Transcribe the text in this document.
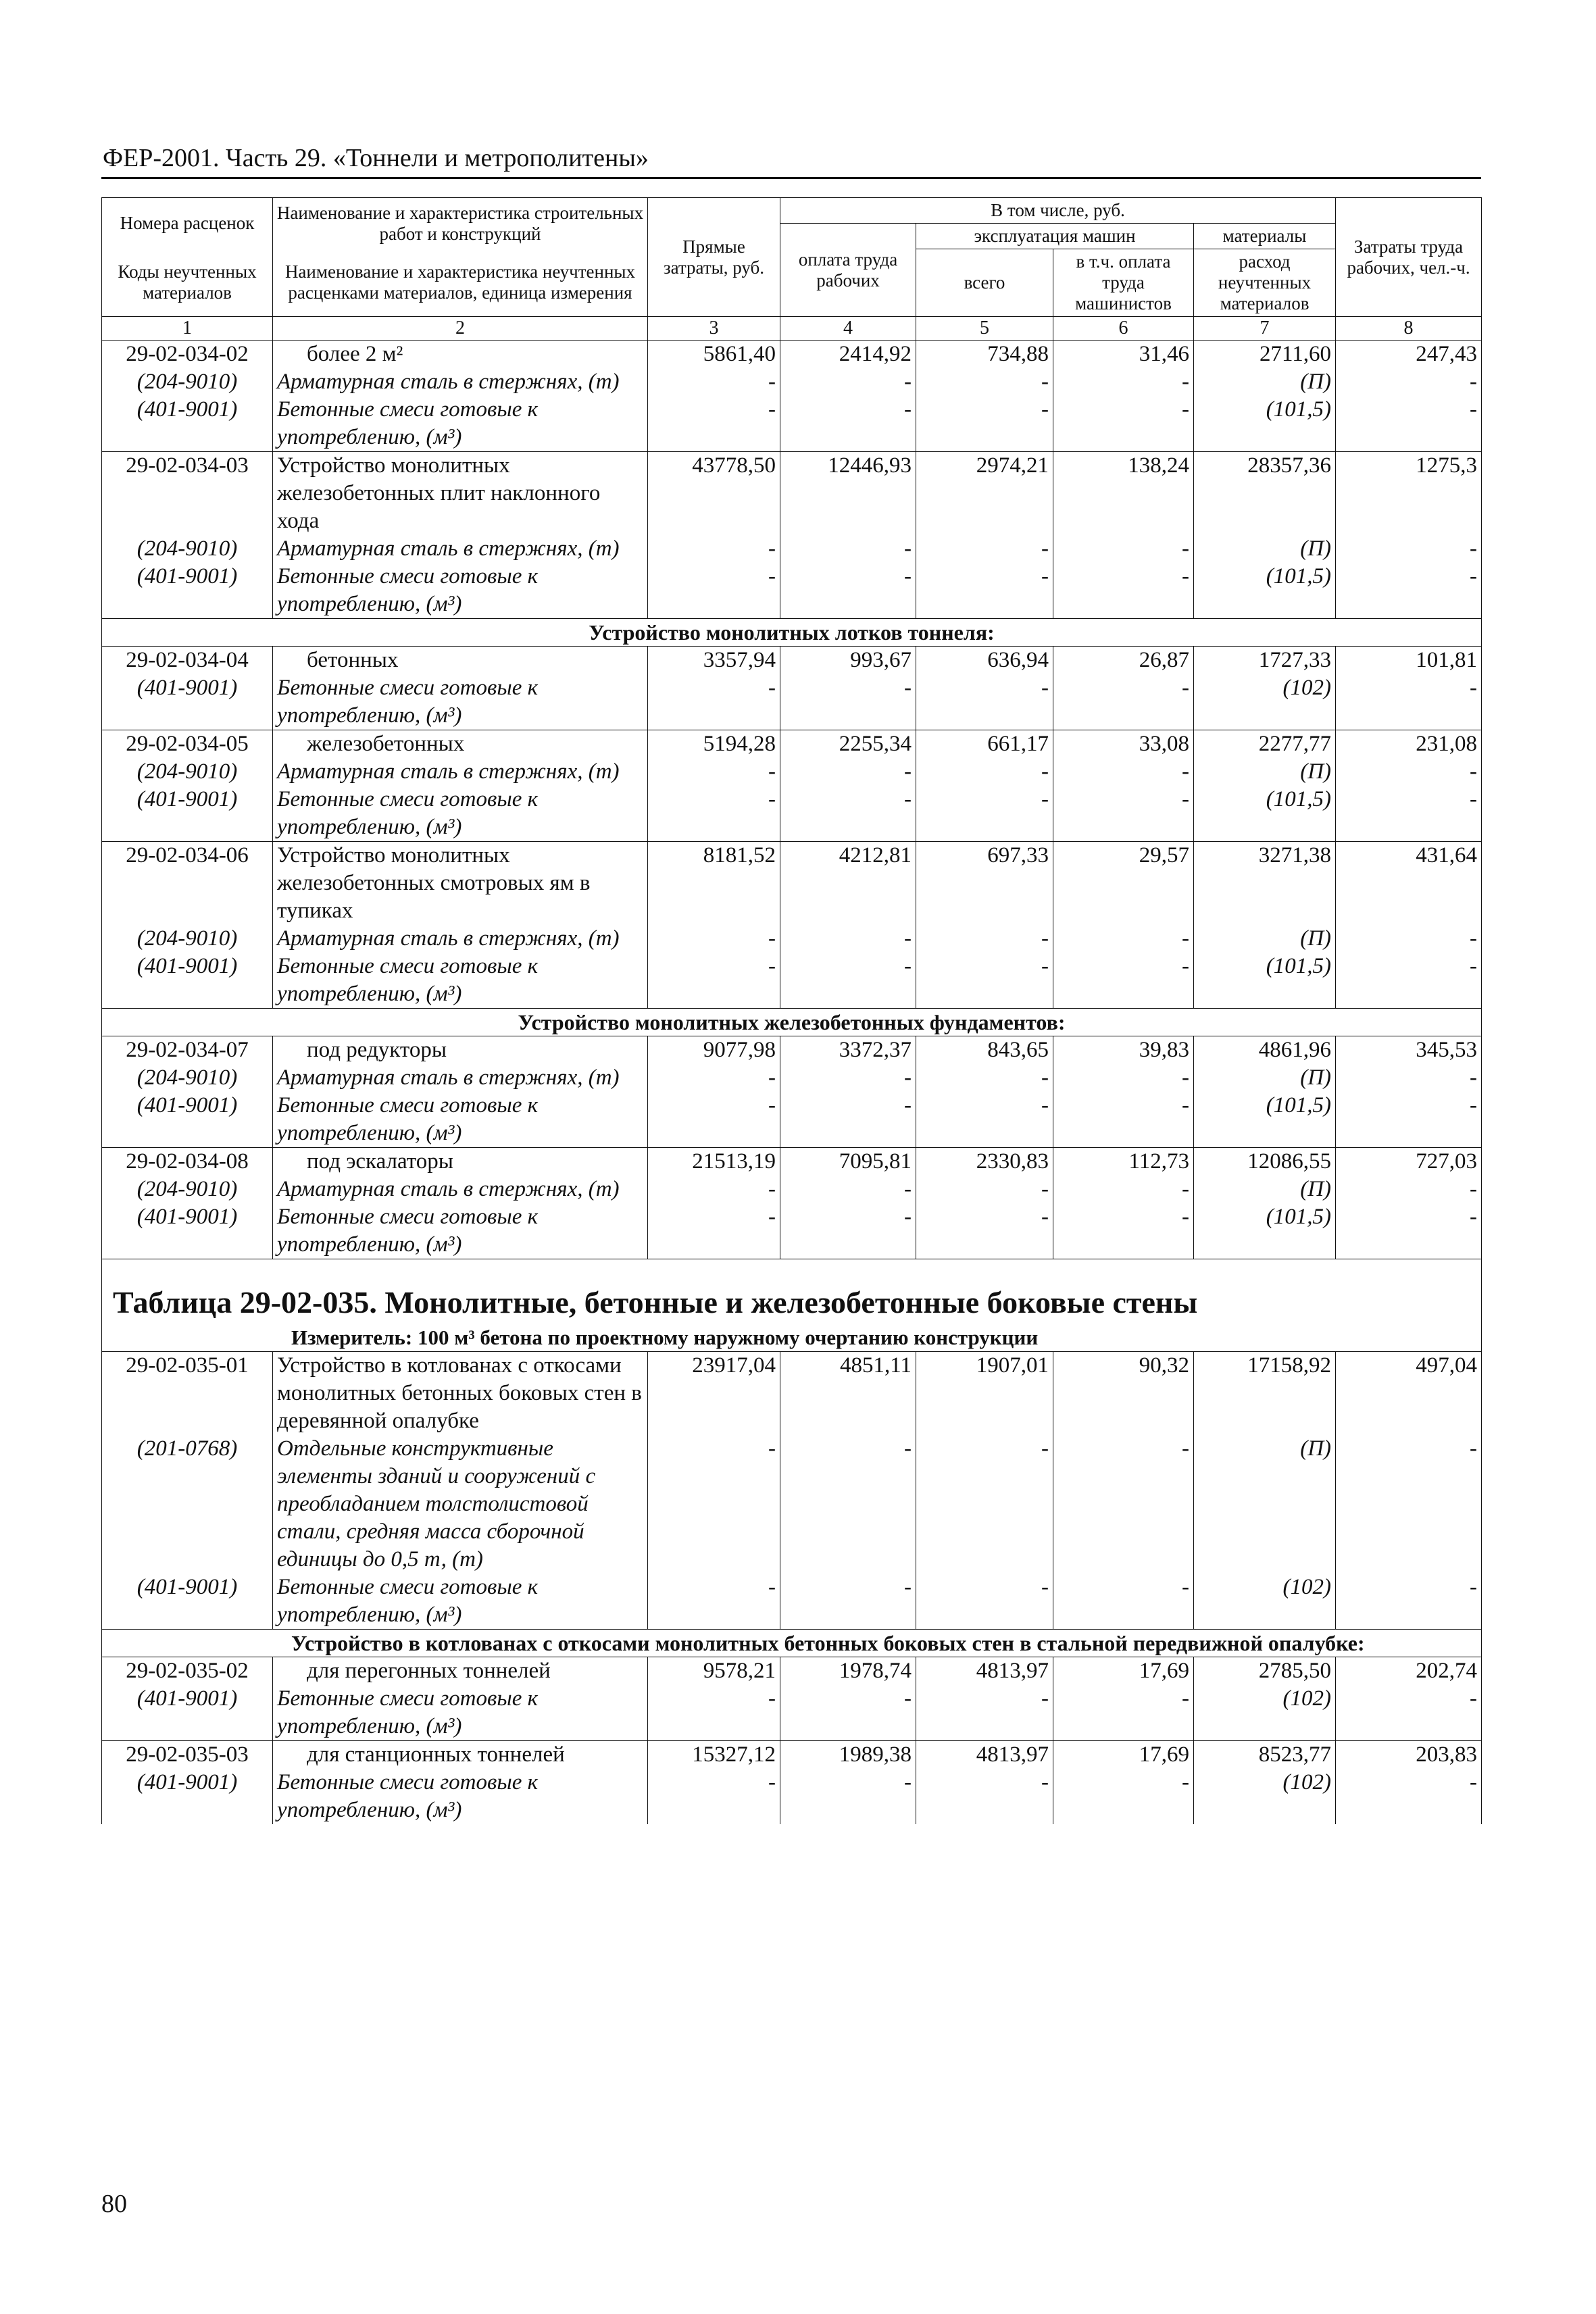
ФЕР-2001. Часть 29. «Тоннели и метрополитены»
Номера расценок	Наименование и характеристика строительных работ и конструкций	Прямые затраты, руб.	В том числе, руб.				Затраты труда рабочих, чел.-ч.
			оплата труда рабочих	эксплуатация машин		материалы	
				всего	в т.ч. оплата труда машинистов	расход неучтенных материалов	
Коды неучтенных материалов	Наименование и характеристика неучтенных расценками материалов, единица измерения						

1	2	3	4	5	6	7	8
29-02-034-02	более 2 м²	5861,40	2414,92	734,88	31,46	2711,60	247,43
(204-9010)	Арматурная сталь в стержнях, (т)	-	-	-	-	(П)	-
(401-9001)	Бетонные смеси готовые к употреблению, (м³)	-	-	-	-	(101,5)	-
29-02-034-03	Устройство монолитных железобетонных плит наклонного хода	43778,50	12446,93	2974,21	138,24	28357,36	1275,3
(204-9010)	Арматурная сталь в стержнях, (т)	-	-	-	-	(П)	-
(401-9001)	Бетонные смеси готовые к употреблению, (м³)	-	-	-	-	(101,5)	-
Устройство монолитных лотков тоннеля:							
29-02-034-04	бетонных	3357,94	993,67	636,94	26,87	1727,33	101,81
(401-9001)	Бетонные смеси готовые к употреблению, (м³)	-	-	-	-	(102)	-
29-02-034-05	железобетонных	5194,28	2255,34	661,17	33,08	2277,77	231,08
(204-9010)	Арматурная сталь в стержнях, (т)	-	-	-	-	(П)	-
(401-9001)	Бетонные смеси готовые к употреблению, (м³)	-	-	-	-	(101,5)	-
29-02-034-06	Устройство монолитных железобетонных смотровых ям в тупиках	8181,52	4212,81	697,33	29,57	3271,38	431,64
(204-9010)	Арматурная сталь в стержнях, (т)	-	-	-	-	(П)	-
(401-9001)	Бетонные смеси готовые к употреблению, (м³)	-	-	-	-	(101,5)	-
Устройство монолитных железобетонных фундаментов:							
29-02-034-07	под редукторы	9077,98	3372,37	843,65	39,83	4861,96	345,53
(204-9010)	Арматурная сталь в стержнях, (т)	-	-	-	-	(П)	-
(401-9001)	Бетонные смеси готовые к употреблению, (м³)	-	-	-	-	(101,5)	-
29-02-034-08	под эскалаторы	21513,19	7095,81	2330,83	112,73	12086,55	727,03
(204-9010)	Арматурная сталь в стержнях, (т)	-	-	-	-	(П)	-
(401-9001)	Бетонные смеси готовые к употреблению, (м³)	-	-	-	-	(101,5)	-

Таблица 29-02-035. Монолитные, бетонные и железобетонные боковые стены
Измеритель: 100 м³ бетона по проектному наружному очертанию конструкции							

29-02-035-01	Устройство в котлованах с откосами монолитных бетонных боковых стен в деревянной опалубке	23917,04	4851,11	1907,01	90,32	17158,92	497,04
(201-0768)	Отдельные конструктивные элементы зданий и сооружений с преобладанием толстолистовой стали, средняя масса сборочной единицы до 0,5 т, (т)	-	-	-	-	(П)	-
(401-9001)	Бетонные смеси готовые к употреблению, (м³)	-	-	-	-	(102)	-
Устройство в котлованах с откосами монолитных бетонных боковых стен в стальной передвижной опалубке:							
29-02-035-02	для перегонных тоннелей	9578,21	1978,74	4813,97	17,69	2785,50	202,74
(401-9001)	Бетонные смеси готовые к употреблению, (м³)	-	-	-	-	(102)	-
29-02-035-03	для станционных тоннелей	15327,12	1989,38	4813,97	17,69	8523,77	203,83
(401-9001)	Бетонные смеси готовые к употреблению, (м³)	-	-	-	-	(102)	-
80
